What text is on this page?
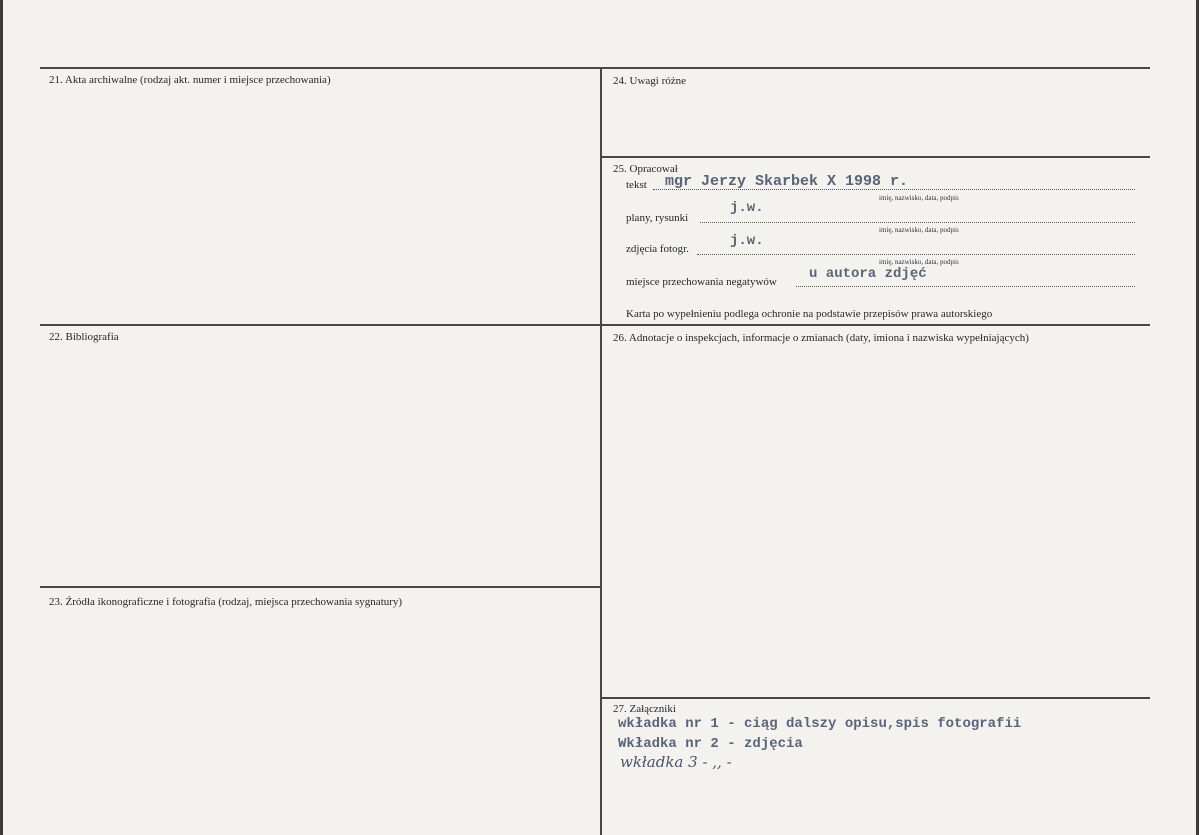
21. Akta archiwalne (rodzaj akt. numer i miejsce przechowania)
22. Bibliografia
23. Źródła ikonograficzne i fotografia (rodzaj, miejsca przechowania sygnatury)
24. Uwagi różne
25. Opracował
tekst mgr Jerzy Skarbek X 1998 r.
imię, nazwisko, data, podpis
plany, rysunki
j.w.
imię, nazwisko, data, podpis
zdjęcia fotogr.	j.w.
imię, nazwisko, data, podpis
miejsce przechowania negatywów u autora zdjęć
Karta po wypełnieniu podlega ochronie na podstawie przepisów prawa autorskiego
26. Adnotacje o inspekcjach, informacje o zmianach (daty, imiona i nazwiska wypełniających)
27. Załączniki
wkładka nr 1 - ciąg dalszy opisu,spis fotografii
Wkładka nr 2 - zdjęcia
wkładka 3 - ,, -
